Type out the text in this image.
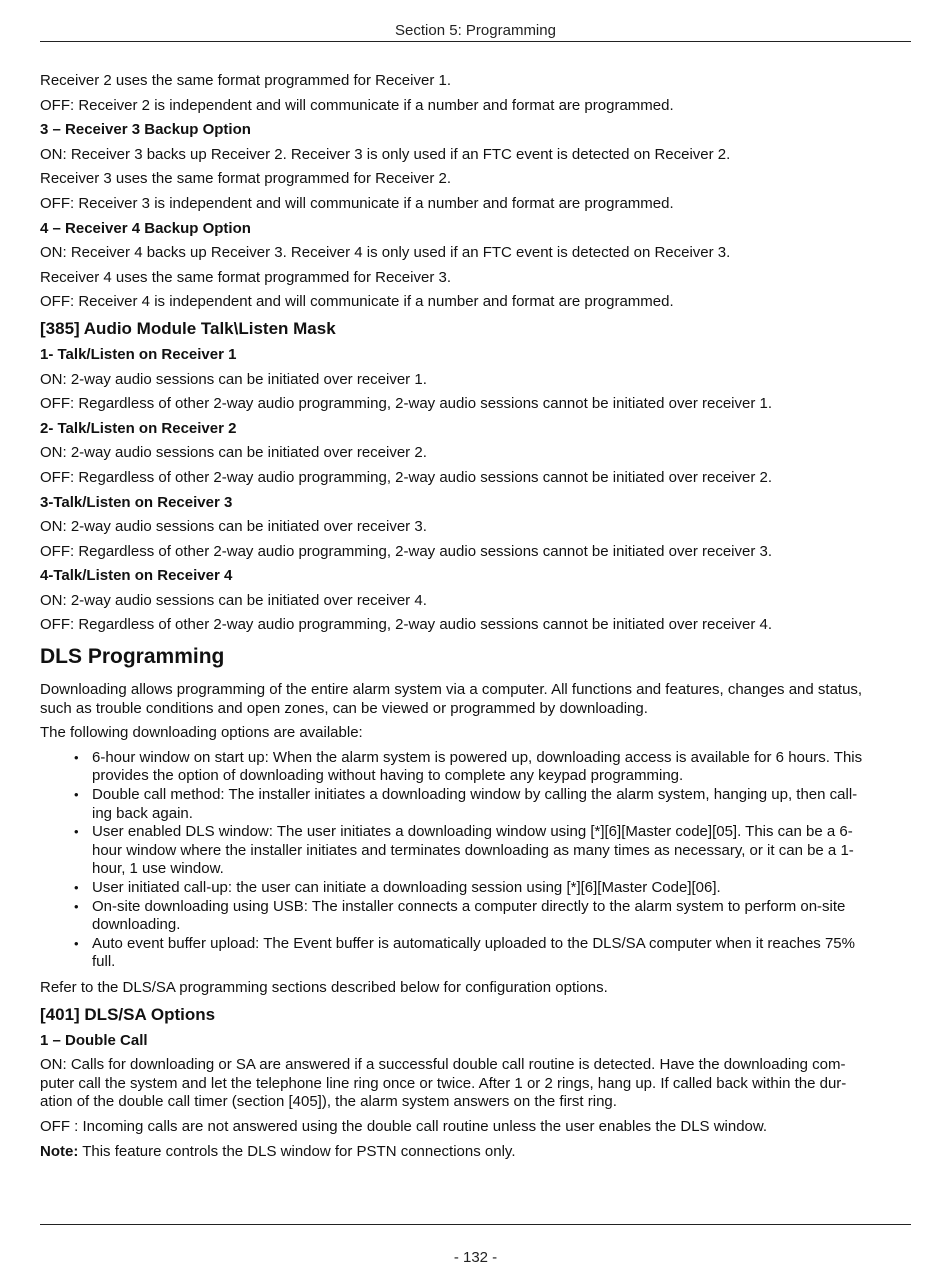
Section 5: Programming

Receiver 2 uses the same format programmed for Receiver 1.

OFF: Receiver 2 is independent and will communicate if a number and format are programmed.

3 – Receiver 3 Backup Option

ON: Receiver 3 backs up Receiver 2. Receiver 3 is only used if an FTC event is detected on Receiver 2.

Receiver 3 uses the same format programmed for Receiver 2.

OFF: Receiver 3 is independent and will communicate if a number and format are programmed.

4 – Receiver 4 Backup Option

ON: Receiver 4 backs up Receiver 3. Receiver 4 is only used if an FTC event is detected on Receiver 3.

Receiver 4 uses the same format programmed for Receiver 3.

OFF: Receiver 4 is independent and will communicate if a number and format are programmed.

[385] Audio Module Talk\Listen Mask

1- Talk/Listen on Receiver 1

ON: 2-way audio sessions can be initiated over receiver 1.

OFF: Regardless of other 2-way audio programming, 2-way audio sessions cannot be initiated over receiver 1.

2- Talk/Listen on Receiver 2

ON: 2-way audio sessions can be initiated over receiver 2.

OFF: Regardless of other 2-way audio programming, 2-way audio sessions cannot be initiated over receiver 2.

3-Talk/Listen on Receiver 3

ON: 2-way audio sessions can be initiated over receiver 3.

OFF: Regardless of other 2-way audio programming, 2-way audio sessions cannot be initiated over receiver 3.

4-Talk/Listen on Receiver 4

ON: 2-way audio sessions can be initiated over receiver 4.

OFF: Regardless of other 2-way audio programming, 2-way audio sessions cannot be initiated over receiver 4.

DLS Programming

Downloading allows programming of the entire alarm system via a computer. All functions and features, changes and status,
such as trouble conditions and open zones, can be viewed or programmed by downloading.

The following downloading options are available:

• 6-hour window on start up: When the alarm system is powered up, downloading access is available for 6 hours. This
provides the option of downloading without having to complete any keypad programming.
• Double call method: The installer initiates a downloading window by calling the alarm system, hanging up, then call-
ing back again.
• User enabled DLS window: The user initiates a downloading window using [*][6][Master code][05]. This can be a 6-
hour window where the installer initiates and terminates downloading as many times as necessary, or it can be a 1-
hour, 1 use window.
• User initiated call-up: the user can initiate a downloading session using [*][6][Master Code][06].
• On-site downloading using USB: The installer connects a computer directly to the alarm system to perform on-site
downloading.
• Auto event buffer upload: The Event buffer is automatically uploaded to the DLS/SA computer when it reaches 75%
full.

Refer to the DLS/SA programming sections described below for configuration options.

[401] DLS/SA Options

1 – Double Call

ON: Calls for downloading or SA are answered if a successful double call routine is detected. Have the downloading com-
puter call the system and let the telephone line ring once or twice. After 1 or 2 rings, hang up. If called back within the dur-
ation of the double call timer (section [405]), the alarm system answers on the first ring.

OFF : Incoming calls are not answered using the double call routine unless the user enables the DLS window.

Note: This feature controls the DLS window for PSTN connections only.

- 132 -
